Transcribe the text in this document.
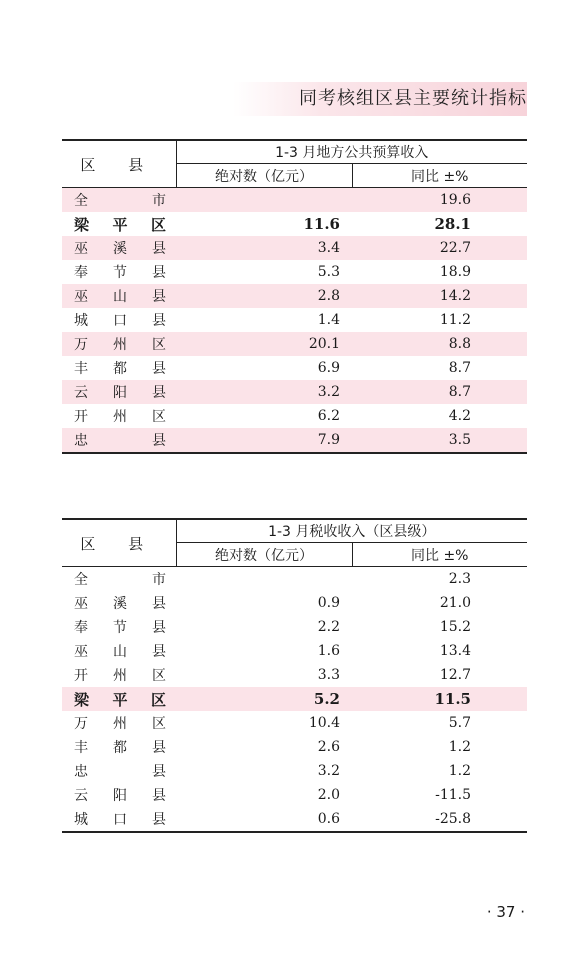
同考核组区县主要统计指标
区 县	1-3 月地方公共预算收入	
	绝对数（亿元）	同比 ±%

全 市		19.6

梁 平 区	11.6	28.1

巫 溪 县	3.4	22.7

奉 节 县	5.3	18.9

巫 山 县	2.8	14.2

城 口 县	1.4	11.2

万 州 区	20.1	8.8

丰 都 县	6.9	8.7

云 阳 县	3.2	8.7

开 州 区	6.2	4.2

忠 县	7.9	3.5
区 县	1-3 月税收收入（区县级）	
	绝对数（亿元）	同比 ±%

全 市		2.3

巫 溪 县	0.9	21.0

奉 节 县	2.2	15.2

巫 山 县	1.6	13.4

开 州 区	3.3	12.7

梁 平 区	5.2	11.5

万 州 区	10.4	5.7

丰 都 县	2.6	1.2

忠 县	3.2	1.2

云 阳 县	2.0	-11.5

城 口 县	0.6	-25.8
· 37 ·
